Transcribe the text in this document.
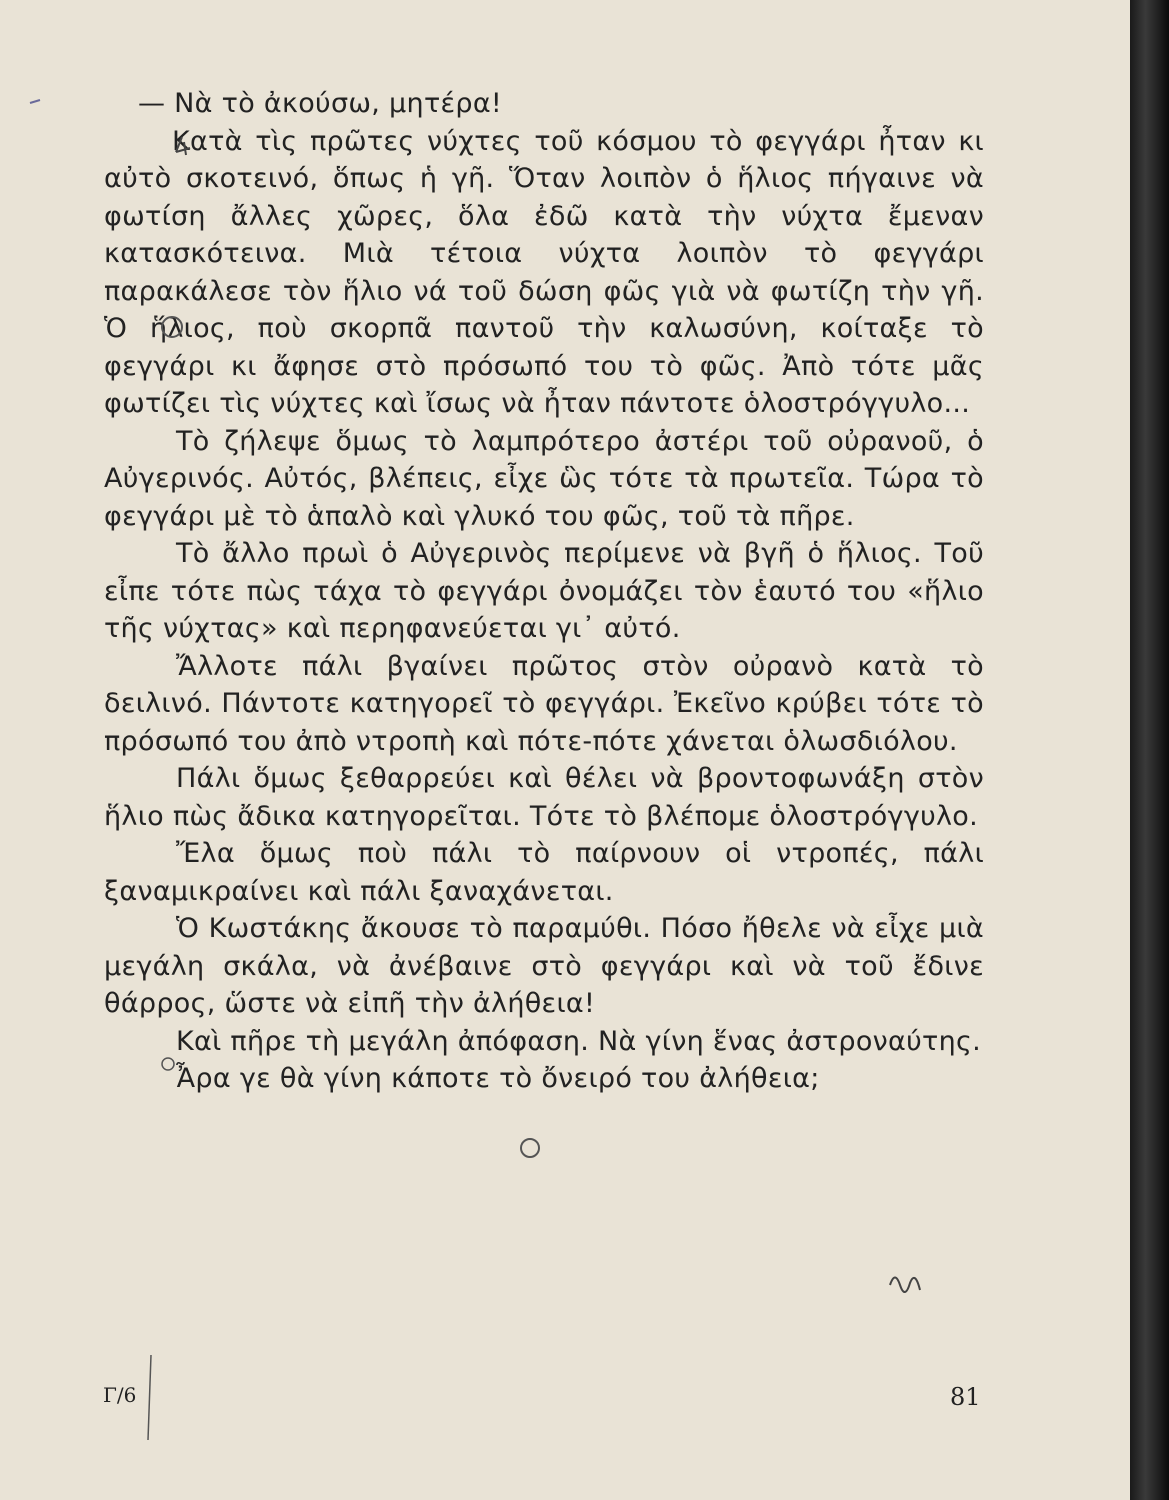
— Νὰ τὸ ἀκούσω, μητέρα!

Κατὰ τὶς πρῶτες νύχτες τοῦ κόσμου τὸ φεγγάρι ἦταν κι αὐτὸ σκοτεινό, ὅπως ἡ γῆ. Ὅταν λοιπὸν ὁ ἥλιος πήγαινε νὰ φωτίση ἄλλες χῶρες, ὅλα ἐδῶ κατὰ τὴν νύχτα ἔμεναν κατασκότεινα. Μιὰ τέτοια νύχτα λοιπὸν τὸ φεγγάρι παρακάλεσε τὸν ἥλιο νά τοῦ δώση φῶς γιὰ νὰ φωτίζη τὴν γῆ. Ὁ ἥλιος, ποὺ σκορπᾶ παντοῦ τὴν καλωσύνη, κοίταξε τὸ φεγγάρι κι ἄφησε στὸ πρόσωπό του τὸ φῶς. Ἀπὸ τότε μᾶς φωτίζει τὶς νύχτες καὶ ἴσως νὰ ἦταν πάντοτε ὁλοστρόγγυλο...

Τὸ ζήλεψε ὅμως τὸ λαμπρότερο ἀστέρι τοῦ οὐρανοῦ, ὁ Αὐγερινός. Αὐτός, βλέπεις, εἶχε ὣς τότε τὰ πρωτεῖα. Τώρα τὸ φεγγάρι μὲ τὸ ἁπαλὸ καὶ γλυκό του φῶς, τοῦ τὰ πῆρε.

Τὸ ἄλλο πρωὶ ὁ Αὐγερινὸς περίμενε νὰ βγῆ ὁ ἥλιος. Τοῦ εἶπε τότε πὼς τάχα τὸ φεγγάρι ὀνομάζει τὸν ἑαυτό του «ἥλιο τῆς νύχτας» καὶ περηφανεύεται γι᾿ αὐτό.

Ἄλλοτε πάλι βγαίνει πρῶτος στὸν οὐρανὸ κατὰ τὸ δειλινό. Πάντοτε κατηγορεῖ τὸ φεγγάρι. Ἐκεῖνο κρύβει τότε τὸ πρόσωπό του ἀπὸ ντροπὴ καὶ πότε-πότε χάνεται ὁλωσδιόλου.

Πάλι ὅμως ξεθαρρεύει καὶ θέλει νὰ βροντοφωνάξη στὸν ἥλιο πὼς ἄδικα κατηγορεῖται. Τότε τὸ βλέπομε ὁλοστρόγγυλο.

Ἔλα ὅμως ποὺ πάλι τὸ παίρνουν οἱ ντροπές, πάλι ξαναμικραίνει καὶ πάλι ξαναχάνεται.

Ὁ Κωστάκης ἄκουσε τὸ παραμύθι. Πόσο ἤθελε νὰ εἶχε μιὰ μεγάλη σκάλα, νὰ ἀνέβαινε στὸ φεγγάρι καὶ νὰ τοῦ ἔδινε θάρρος, ὥστε νὰ εἰπῆ τὴν ἀλήθεια!

Καὶ πῆρε τὴ μεγάλη ἀπόφαση. Νὰ γίνη ἕνας ἀστροναύτης.

Ἆρα γε θὰ γίνη κάποτε τὸ ὄνειρό του ἀλήθεια;

Γ/6	81
